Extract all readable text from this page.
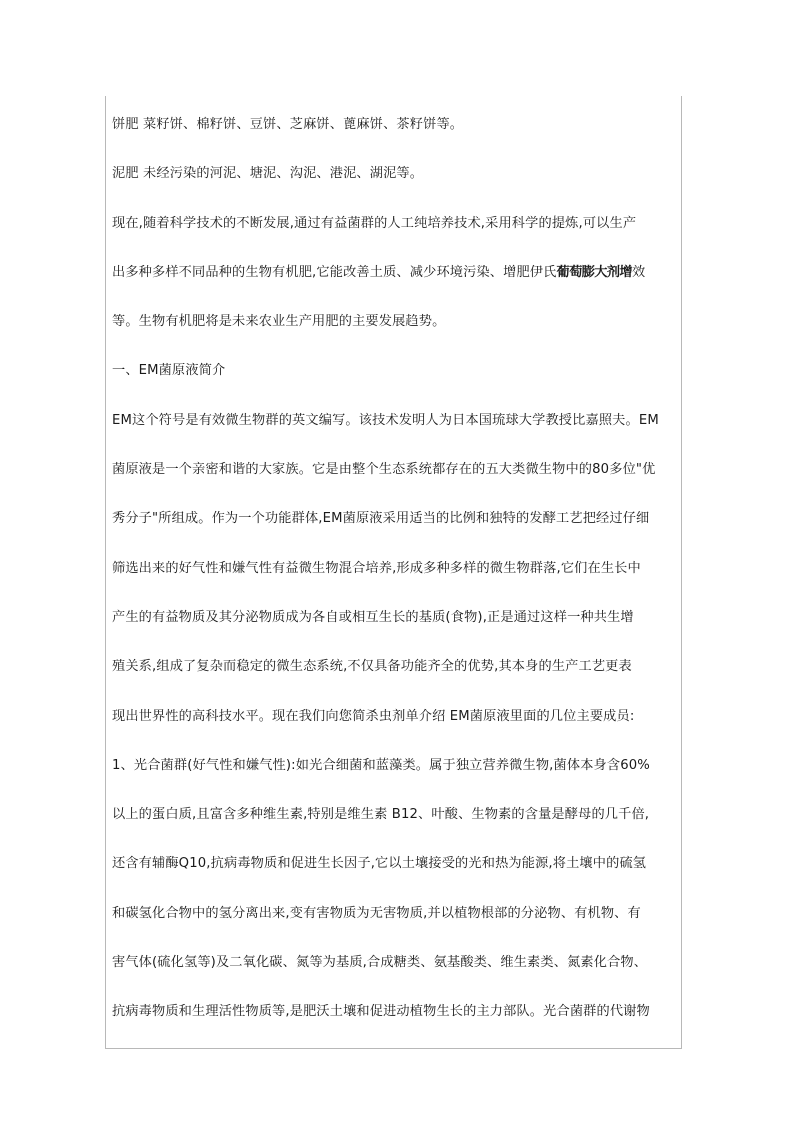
饼肥 菜籽饼、棉籽饼、豆饼、芝麻饼、蓖麻饼、茶籽饼等。
泥肥 未经污染的河泥、塘泥、沟泥、港泥、湖泥等。
现在,随着科学技术的不断发展,通过有益菌群的人工纯培养技术,采用科学的提炼,可以生产
出多种多样不同品种的生物有机肥,它能改善土质、减少环境污染、增肥伊氏葡萄膨大剂增效
等。生物有机肥将是未来农业生产用肥的主要发展趋势。
一、EM菌原液简介
EM这个符号是有效微生物群的英文编写。该技术发明人为日本国琉球大学教授比嘉照夫。EM
菌原液是一个亲密和谐的大家族。它是由整个生态系统都存在的五大类微生物中的80多位"优
秀分子"所组成。作为一个功能群体,EM菌原液采用适当的比例和独特的发酵工艺把经过仔细
筛选出来的好气性和嫌气性有益微生物混合培养,形成多种多样的微生物群落,它们在生长中
产生的有益物质及其分泌物质成为各自或相互生长的基质(食物),正是通过这样一种共生增
殖关系,组成了复杂而稳定的微生态系统,不仅具备功能齐全的优势,其本身的生产工艺更表
现出世界性的高科技水平。现在我们向您简杀虫剂单介绍 EM菌原液里面的几位主要成员:
1、光合菌群(好气性和嫌气性):如光合细菌和蓝藻类。属于独立营养微生物,菌体本身含60%
以上的蛋白质,且富含多种维生素,特别是维生素 B12、叶酸、生物素的含量是酵母的几千倍,
还含有辅酶Q10,抗病毒物质和促进生长因子,它以土壤接受的光和热为能源,将土壤中的硫氢
和碳氢化合物中的氢分离出来,变有害物质为无害物质,并以植物根部的分泌物、有机物、有
害气体(硫化氢等)及二氧化碳、氮等为基质,合成糖类、氨基酸类、维生素类、氮素化合物、
抗病毒物质和生理活性物质等,是肥沃土壤和促进动植物生长的主力部队。光合菌群的代谢物
